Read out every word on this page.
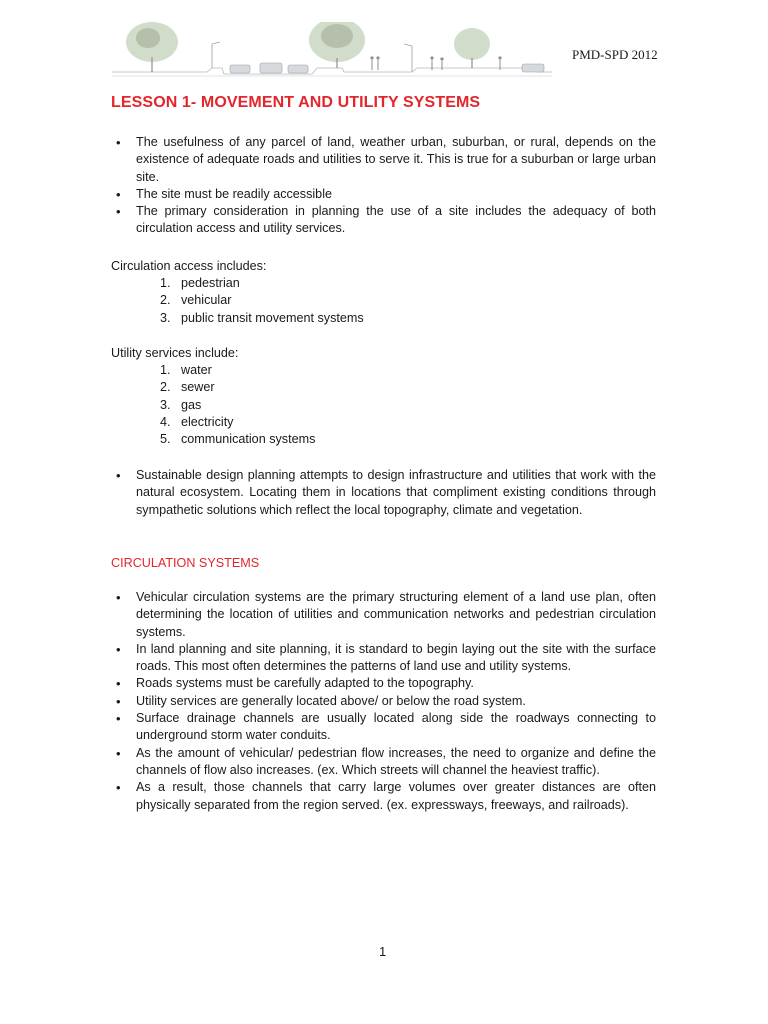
PMD-SPD 2012
LESSON 1- MOVEMENT AND UTILITY SYSTEMS
• The usefulness of any parcel of land, weather urban, suburban, or rural, depends on the existence of adequate roads and utilities to serve it. This is true for a suburban or large urban site.
• The site must be readily accessible
• The primary consideration in planning the use of a site includes the adequacy of both circulation access and utility services.

Circulation access includes:

1. pedestrian
2. vehicular
3. public transit movement systems

Utility services include:

1. water
2. sewer
3. gas
4. electricity
5. communication systems
• Sustainable design planning attempts to design infrastructure and utilities that work with the natural ecosystem. Locating them in locations that compliment existing conditions through sympathetic solutions which reflect the local topography, climate and vegetation.
CIRCULATION SYSTEMS
• Vehicular circulation systems are the primary structuring element of a land use plan, often determining the location of utilities and communication networks and pedestrian circulation systems.
• In land planning and site planning, it is standard to begin laying out the site with the surface roads. This most often determines the patterns of land use and utility systems.
• Roads systems must be carefully adapted to the topography.
• Utility services are generally located above/ or below the road system.
• Surface drainage channels are usually located along side the roadways connecting to underground storm water conduits.
• As the amount of vehicular/ pedestrian flow increases, the need to organize and define the channels of flow also increases. (ex. Which streets will channel the heaviest traffic).
• As a result, those channels that carry large volumes over greater distances are often physically separated from the region served. (ex. expressways, freeways, and railroads).
1
